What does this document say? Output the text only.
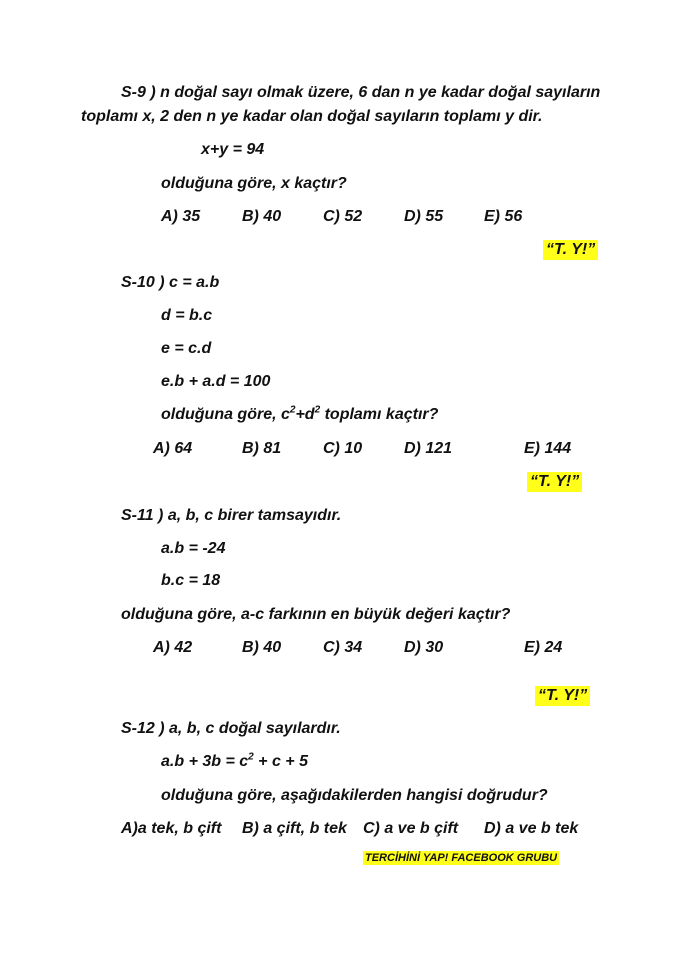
S-9 ) n doğal sayı olmak üzere, 6 dan n ye kadar doğal sayıların
toplamı x, 2 den n ye kadar olan doğal sayıların toplamı y dir.
x+y = 94
olduğuna göre, x kaçtır?
A) 35	B) 40	C) 52	D) 55	E) 56
“T. Y!”
S-10 ) c = a.b
d = b.c
e = c.d
e.b + a.d = 100
olduğuna göre, $c^2+d^2$ toplamı kaçtır?
A) 64	B) 81	C) 10	D) 121	E) 144
“T. Y!”
S-11 ) a, b, c birer tamsayıdır.
a.b = -24
b.c = 18
olduğuna göre, a-c farkının en büyük değeri kaçtır?
A) 42	B) 40	C) 34	D) 30	E) 24
“T. Y!”
S-12 ) a, b, c doğal sayılardır.
$a.b + 3b = c^2 + c + 5$
olduğuna göre, aşağıdakilerden hangisi doğrudur?
A)a tek, b çift B) a çift, b tek C) a ve b çift D) a ve b tek
TERCİHİNİ YAP! FACEBOOK GRUBU
